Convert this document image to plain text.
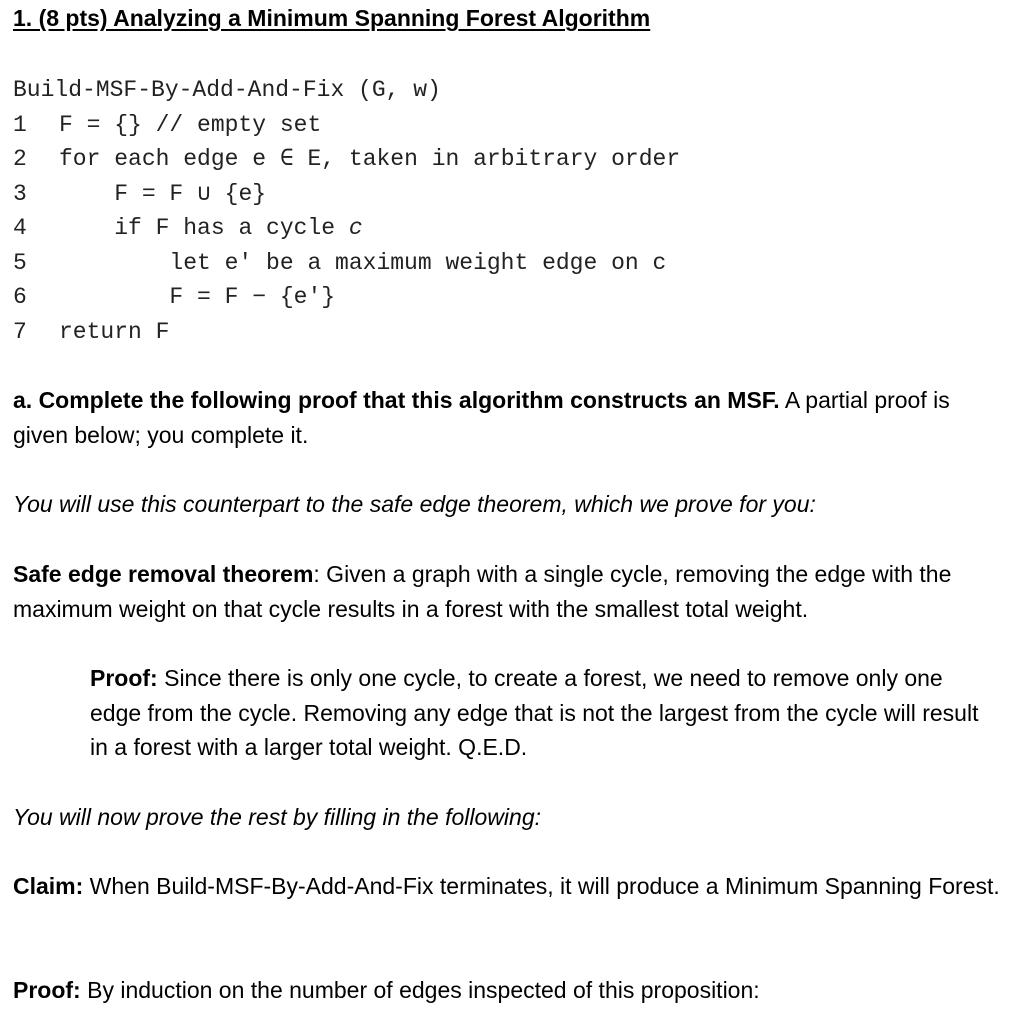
1. (8 pts) Analyzing a Minimum Spanning Forest Algorithm
Build-MSF-By-Add-And-Fix (G, w)
1 F = {} // empty set
2 for each edge e ∈ E, taken in arbitrary order
3	F = F ∪ {e}
4	if F has a cycle c
5	let e' be a maximum weight edge on c
6	F = F − {e'}
7 return F

a. Complete the following proof that this algorithm constructs an MSF. A partial proof is given below; you complete it.

You will use this counterpart to the safe edge theorem, which we prove for you:

Safe edge removal theorem: Given a graph with a single cycle, removing the edge with the maximum weight on that cycle results in a forest with the smallest total weight.

Proof: Since there is only one cycle, to create a forest, we need to remove only one edge from the cycle. Removing any edge that is not the largest from the cycle will result in a forest with a larger total weight. Q.E.D.

You will now prove the rest by filling in the following:

Claim: When Build-MSF-By-Add-And-Fix terminates, it will produce a Minimum Spanning Forest.

Proof: By induction on the number of edges inspected of this proposition:
